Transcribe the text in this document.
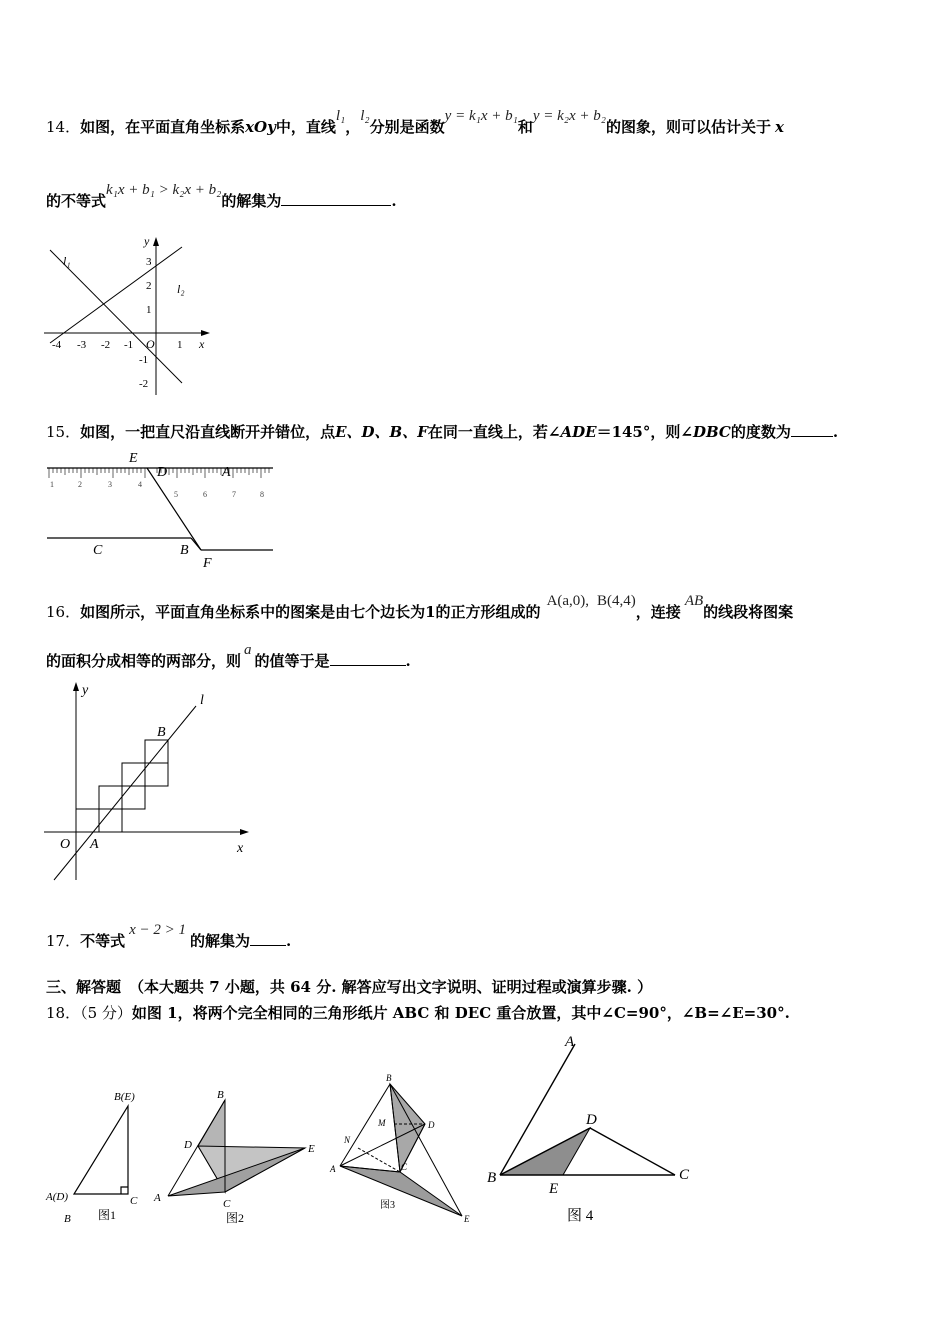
14．如图，在平面直角坐标系xOy中，直线l₁，l₂分别是函数y = k₁x + b₁和y = k₂x + b₂的图象，则可以估计关于 x
的不等式k₁x + b₁ > k₂x + b₂的解集为	.
y
x
O
l₁
l₂
-4 -3 -2 -1	1
3
2
1
-1
-2
15．如图，一把直尺沿直线断开并错位，点E、D、B、F在同一直线上，若∠ADE＝145°，则∠DBC的度数为	.
1	2	3	4
5	6	7	8
E
D	A
C	B
F
16．如图所示，平面直角坐标系中的图案是由七个边长为1的正方形组成的A(a,0), B(4,4)，连接AB的线段将图案
的面积分成相等的两部分，则a的值等于是	.
y
x
O A
B
l
17．不等式x − 2 > 1的解集为 .
三、解答题 （本大题共 7 小题，共 64 分. 解答应写出文字说明、证明过程或演算步骤. ）
18．（5 分）如图 1，将两个完全相同的三角形纸片 ABC 和 DEC 重合放置，其中∠C=90°，∠B=∠E=30°.
B(E)
A(D)	C
B 图1
B
D	E
A	C
图2
B
M	D
N
A	C
E
图3
A
D
B
E
C
图 4
